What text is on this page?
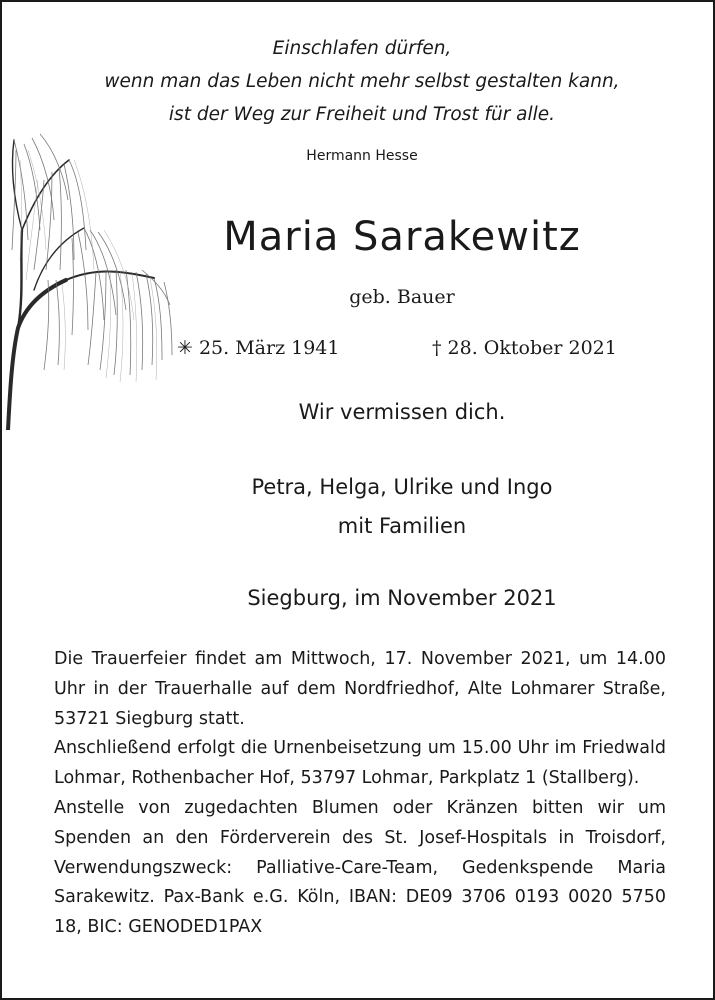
Einschlafen dürfen,
wenn man das Leben nicht mehr selbst gestalten kann,
ist der Weg zur Freiheit und Trost für alle.
Hermann Hesse
Maria Sarakewitz
geb. Bauer
✳ 25. März 1941	† 28. Oktober 2021
Wir vermissen dich.
Petra, Helga, Ulrike und Ingo
mit Familien
Siegburg, im November 2021

Die Trauerfeier findet am Mittwoch, 17. November 2021, um 14.00 Uhr in der Trauerhalle auf dem Nordfriedhof, Alte Lohmarer Straße, 53721 Siegburg statt.

Anschließend erfolgt die Urnenbeisetzung um 15.00 Uhr im Friedwald Lohmar, Rothenbacher Hof, 53797 Lohmar, Parkplatz 1 (Stallberg).

Anstelle von zugedachten Blumen oder Kränzen bitten wir um Spenden an den Förderverein des St. Josef-Hospitals in Troisdorf, Verwendungszweck: Palliative-Care-Team, Gedenkspende Maria Sarakewitz. Pax-Bank e.G. Köln, IBAN: DE09 3706 0193 0020 5750 18, BIC: GENODED1PAX
